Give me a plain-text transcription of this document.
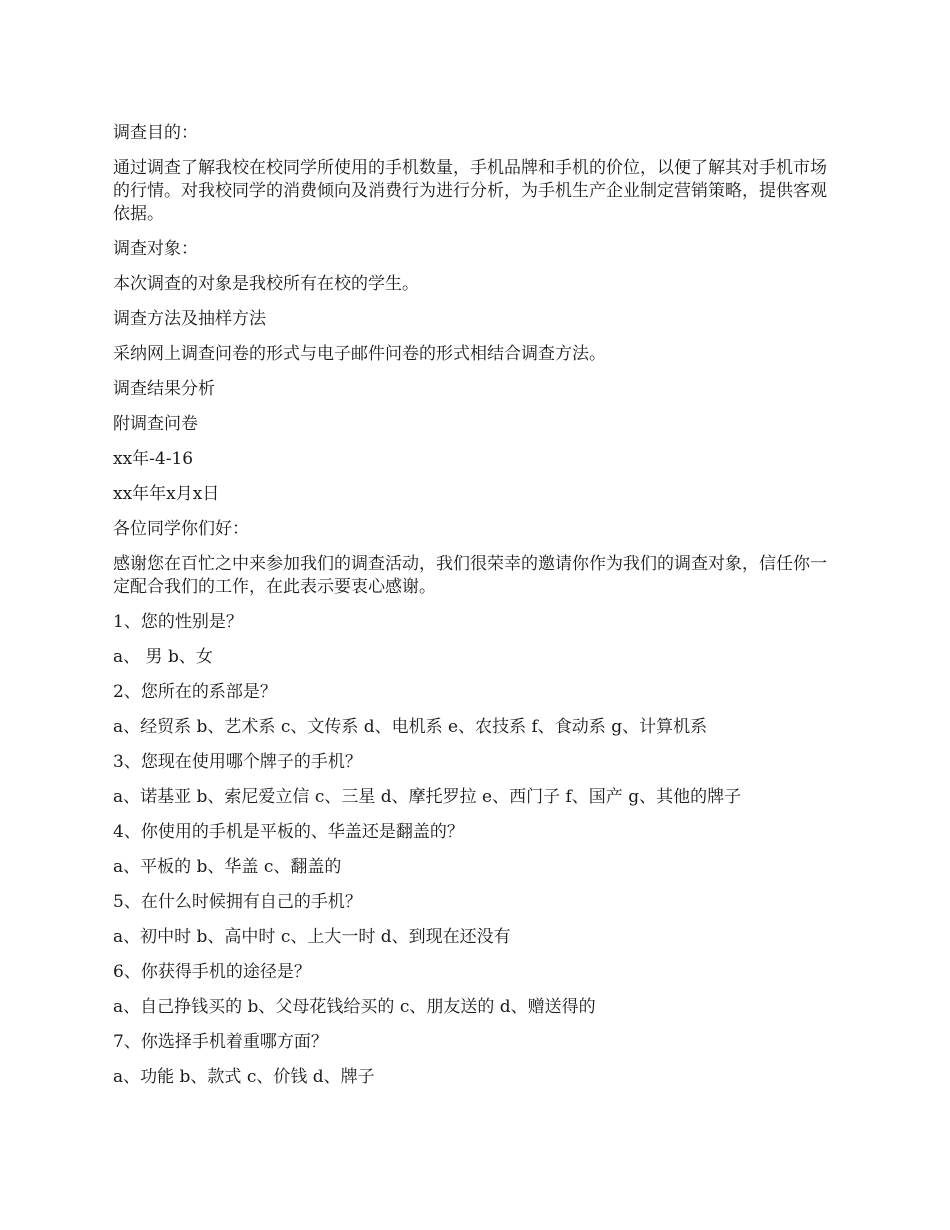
调查目的：

通过调查了解我校在校同学所使用的手机数量，手机品牌和手机的价位，以便了解其对手机市场的行情。对我校同学的消费倾向及消费行为进行分析，为手机生产企业制定营销策略，提供客观依据。

调查对象：

本次调查的对象是我校所有在校的学生。

调查方法及抽样方法

采纳网上调查问卷的形式与电子邮件问卷的形式相结合调查方法。

调查结果分析

附调查问卷

xx年-4-16

xx年年x月x日

各位同学你们好：

感谢您在百忙之中来参加我们的调查活动，我们很荣幸的邀请你作为我们的调查对象，信任你一定配合我们的工作，在此表示要衷心感谢。

1、您的性别是？

a、 男 b、女

2、您所在的系部是？

a、经贸系 b、艺术系 c、文传系 d、电机系 e、农技系 f、食动系 g、计算机系

3、您现在使用哪个牌子的手机？

a、诺基亚 b、索尼爱立信 c、三星 d、摩托罗拉 e、西门子 f、国产 g、其他的牌子

4、你使用的手机是平板的、华盖还是翻盖的？

a、平板的 b、华盖 c、翻盖的

5、在什么时候拥有自己的手机？

a、初中时 b、高中时 c、上大一时 d、到现在还没有

6、你获得手机的途径是？

a、自己挣钱买的 b、父母花钱给买的 c、朋友送的 d、赠送得的

7、你选择手机着重哪方面？

a、功能 b、款式 c、价钱 d、牌子
